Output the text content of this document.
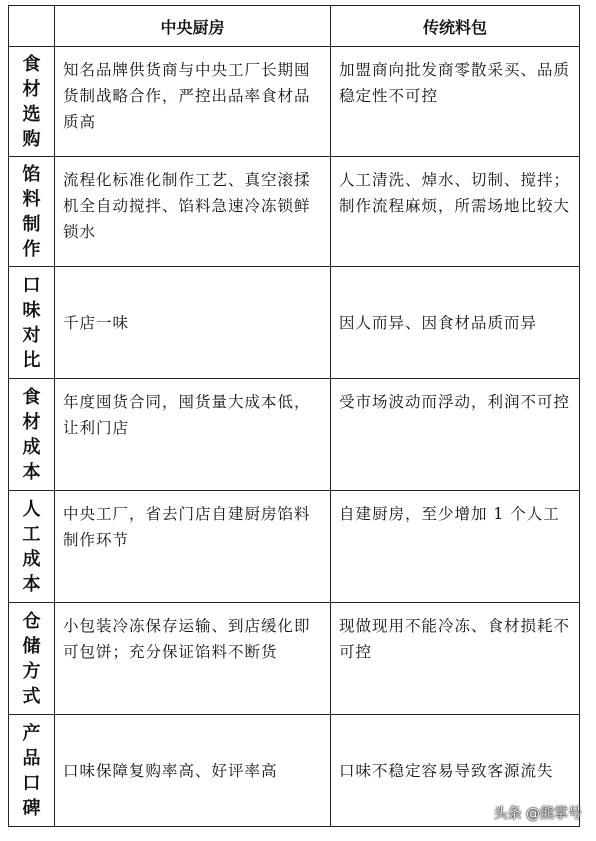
	中央厨房	传统料包

食材选购	知名品牌供货商与中央工厂长期囤货制战略合作，严控出品率食材品质高	加盟商向批发商零散采买、品质稳定性不可控

馅料制作	流程化标准化制作工艺、真空滚揉机全自动搅拌、馅料急速冷冻锁鲜锁水	人工清洗、焯水、切制、搅拌；制作流程麻烦，所需场地比较大

口味对比	千店一味	因人而异、因食材品质而异

食材成本	年度囤货合同，囤货量大成本低，让利门店	受市场波动而浮动，利润不可控

人工成本	中央工厂，省去门店自建厨房馅料制作环节	自建厨房，至少增加 1 个人工

仓储方式	小包装冷冻保存运输、到店缓化即可包饼；充分保证馅料不断货	现做现用不能冷冻、食材损耗不可控

产品口碑	口味保障复购率高、好评率高	口味不稳定容易导致客源流失
头条 @熊掌号
